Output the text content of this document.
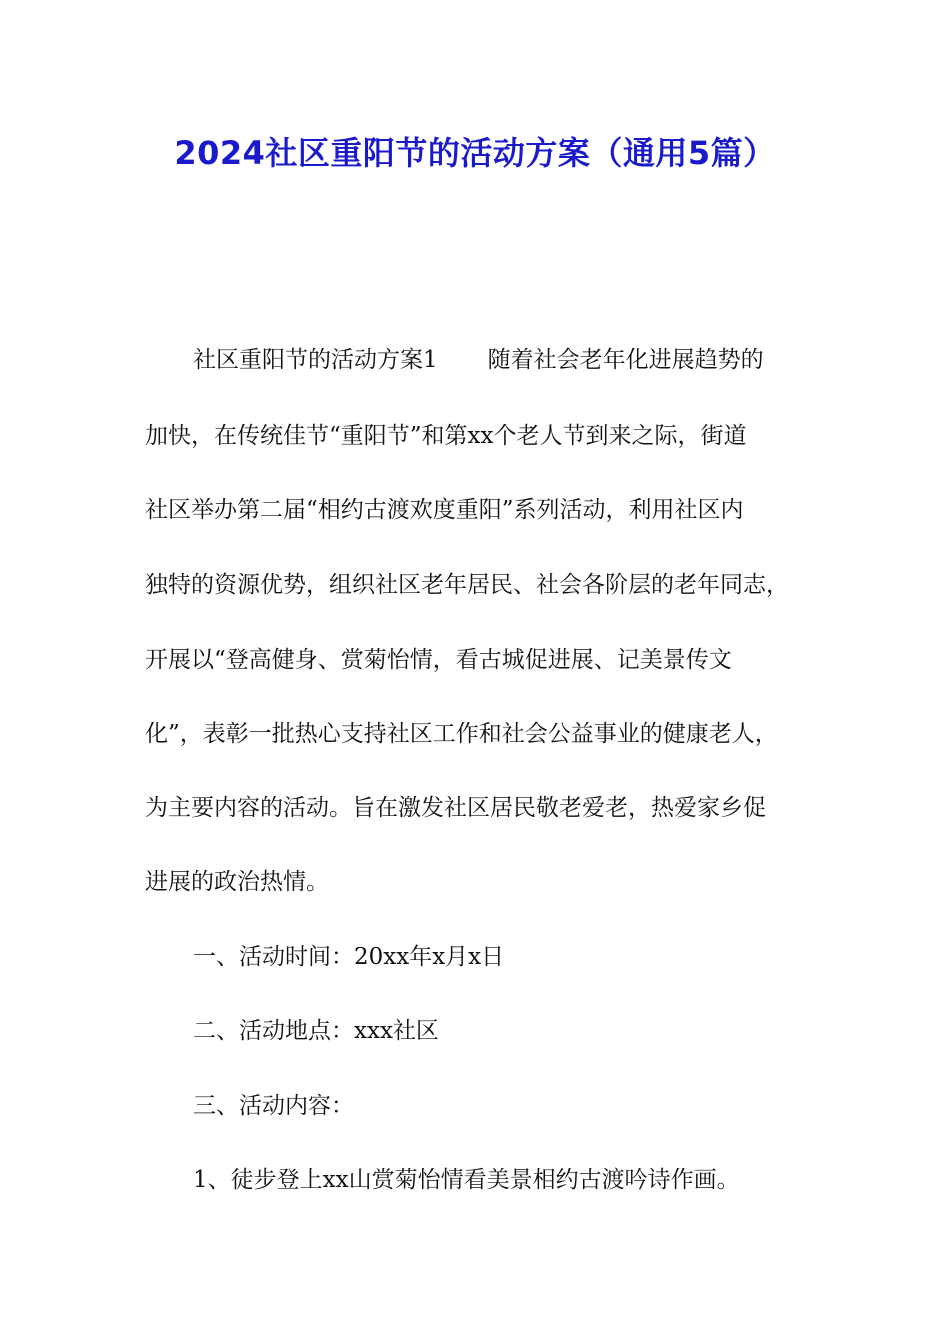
2024社区重阳节的活动方案（通用5篇）
社区重阳节的活动方案1 随着社会老年化进展趋势的
加快，在传统佳节“重阳节”和第xx个老人节到来之际，街道
社区举办第二届“相约古渡欢度重阳”系列活动，利用社区内
独特的资源优势，组织社区老年居民、社会各阶层的老年同志，
开展以“登高健身、赏菊怡情，看古城促进展、记美景传文
化”，表彰一批热心支持社区工作和社会公益事业的健康老人，
为主要内容的活动。旨在激发社区居民敬老爱老，热爱家乡促
进展的政治热情。
一、活动时间：20xx年x月x日
二、活动地点：xxx社区
三、活动内容：
1、徒步登上xx山赏菊怡情看美景相约古渡吟诗作画。
